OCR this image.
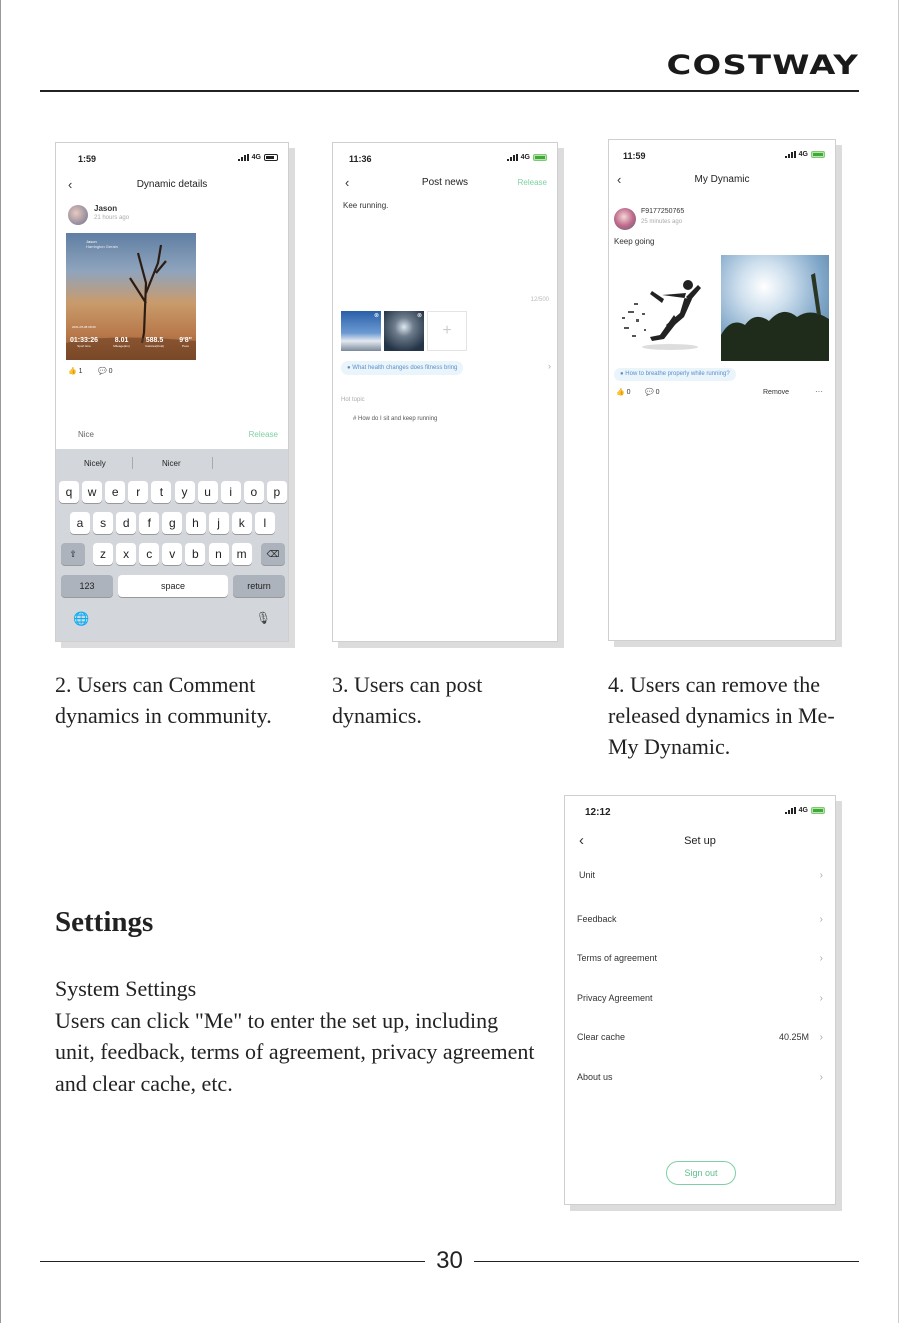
COSTWAY
1:59	4G
‹	Dynamic details
Jason
21 hours ago
Jason
Harrington Gerain
2021-05-08 08:09
01:33:26
Sport time
8.01
Mileage(km)
588.5
Calories(Kcal)
9'8"
Pace
👍 1 💬 0
Nice	Release
Nicely	Nicer
q	w	e	r	t	y	u	i	o	p
a	s	d	f	g	h	j	k	l
z	x	c	v	b	n	m
⇧	⌫
123	space	return
🌐	🎙
11:36	4G
‹	Post news	Release
Kee running.
12/500
⊗	⊗
+
● What health changes does fitness bring	›
Hot topic
# How do I sit and keep running
11:59	4G
‹	My Dynamic
F9177250765
25 minutes ago
Keep going
● How to breathe properly while running?
👍 0 💬 0	Remove	···
2. Users can Comment dynamics in community.
3. Users can post dynamics.
4. Users can remove the released dynamics in Me-My Dynamic.
Settings
System Settings
Users can click "Me" to enter the set up, including unit, feedback, terms of agreement, privacy agreement and clear cache, etc.
12:12	4G
‹	Set up
Unit	›
Feedback	›
Terms of agreement	›
Privacy Agreement	›
Clear cache	40.25M ›
About us	›
Sign out
30
